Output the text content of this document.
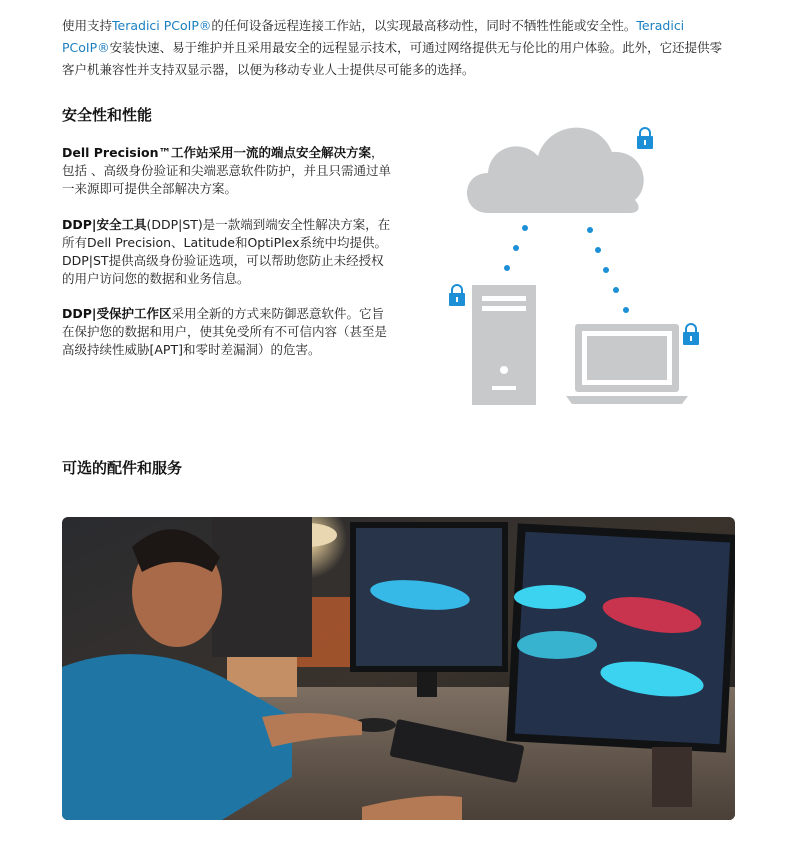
使用支持Teradici PCoIP®的任何设备远程连接工作站，以实现最高移动性，同时不牺牲性能或安全性。Teradici PCoIP®安装快速、易于维护并且采用最安全的远程显示技术，可通过网络提供无与伦比的用户体验。此外，它还提供零客户机兼容性并支持双显示器，以便为移动专业人士提供尽可能多的选择。

安全性和性能

Dell Precision™工作站采用一流的端点安全解决方案，包括 、高级身份验证和尖端恶意软件防护，并且只需通过单一来源即可提供全部解决方案。

DDP|安全工具(DDP|ST)是一款端到端安全性解决方案，在所有Dell Precision、Latitude和OptiPlex系统中均提供。DDP|ST提供高级身份验证选项，可以帮助您防止未经授权的用户访问您的数据和业务信息。

DDP|受保护工作区采用全新的方式来防御恶意软件。它旨在保护您的数据和用户，使其免受所有不可信内容（甚至是高级持续性威胁[APT]和零时差漏洞）的危害。

可选的配件和服务
